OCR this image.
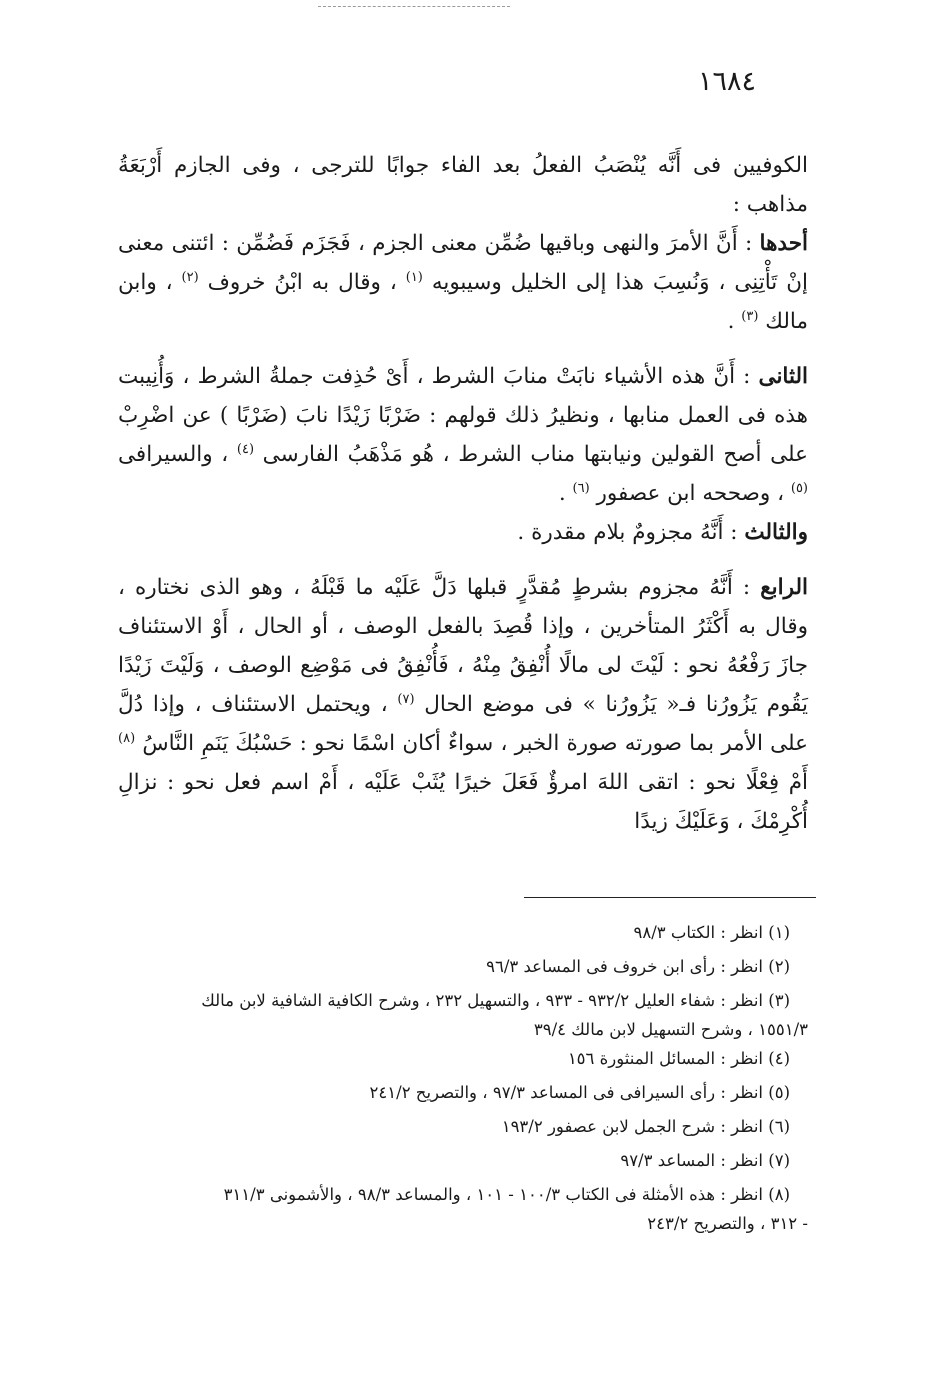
١٦٨٤

الكوفيين فى أَنَّه يُنْصَبُ الفعلُ بعد الفاء جوابًا للترجى ، وفى الجازم أَرْبَعَةُ مذاهب :

أحدها : أَنَّ الأمرَ والنهى وباقيها ضُمِّن معنى الجزم ، فَجَزَم فَضُمِّن : ائتنى معنى إنْ تَأْتِنِى ، وَنُسِبَ هذا إلى الخليل وسيبويه $^{(١)}$ ، وقال به ابْنُ خروف $^{(٢)}$ ، وابن مالك $^{(٣)}$ .

الثانى : أَنَّ هذه الأشياء نابَتْ منابَ الشرط ، أَىْ حُذِفت جملةُ الشرط ، وَأُنِيبت هذه فى العمل منابها ، ونظيرُ ذلك قولهم : ضَرْبًا زَيْدًا نابَ (ضَرْبًا ) عن اضْرِبْ على أصح القولين ونيابتها مناب الشرط ، هُو مَذْهَبُ الفارسى $^{(٤)}$ ، والسيرافى $^{(٥)}$ ، وصححه ابن عصفور $^{(٦)}$ .

والثالث : أَنَّهُ مجزومٌ بلام مقدرة .

الرابع : أَنَّهُ مجزوم بشرطٍ مُقدَّرٍ قبلها دَلَّ عَلَيْه ما قَبْلَهُ ، وهو الذى نختاره ، وقال به أَكْثَرُ المتأخرين ، وإذا قُصِدَ بالفعل الوصف ، أو الحال ، أَوْ الاستئناف جازَ رَفْعُهُ نحو : لَيْتَ لى مالًا أُنْفِقُ مِنْهُ ، فَأُنْفِقُ فى مَوْضِع الوصف ، وَلَيْتَ زَيْدًا يَقُوم يَزُورُنا فـ« يَزُورُنا » فى موضع الحال $^{(٧)}$ ، ويحتمل الاستئناف ، وإذا دُلَّ على الأمر بما صورته صورة الخبر ، سواءٌ أكان اسْمًا نحو : حَسْبُكَ يَنَمِ النَّاسُ $^{(٨)}$ أَمْ فِعْلًا نحو : اتقى اللهَ امرؤٌ فَعَلَ خيرًا يُثَبْ عَلَيْه ، أَمْ اسم فعل نحو : نزالِ أُكْرِمْكَ ، وَعَلَيْكَ زيدًا

(١) انظر : الكتاب ٩٨/٣

(٢) انظر : رأى ابن خروف فى المساعد ٩٦/٣

(٣) انظر : شفاء العليل ٩٣٢/٢ - ٩٣٣ ، والتسهيل ٢٣٢ ، وشرح الكافية الشافية لابن مالك

١٥٥١/٣ ، وشرح التسهيل لابن مالك ٣٩/٤

(٤) انظر : المسائل المنثورة ١٥٦

(٥) انظر : رأى السيرافى فى المساعد ٩٧/٣ ، والتصريح ٢٤١/٢

(٦) انظر : شرح الجمل لابن عصفور ١٩٣/٢

(٧) انظر : المساعد ٩٧/٣

(٨) انظر : هذه الأمثلة فى الكتاب ١٠٠/٣ - ١٠١ ، والمساعد ٩٨/٣ ، والأشمونى ٣١١/٣

- ٣١٢ ، والتصريح ٢٤٣/٢
